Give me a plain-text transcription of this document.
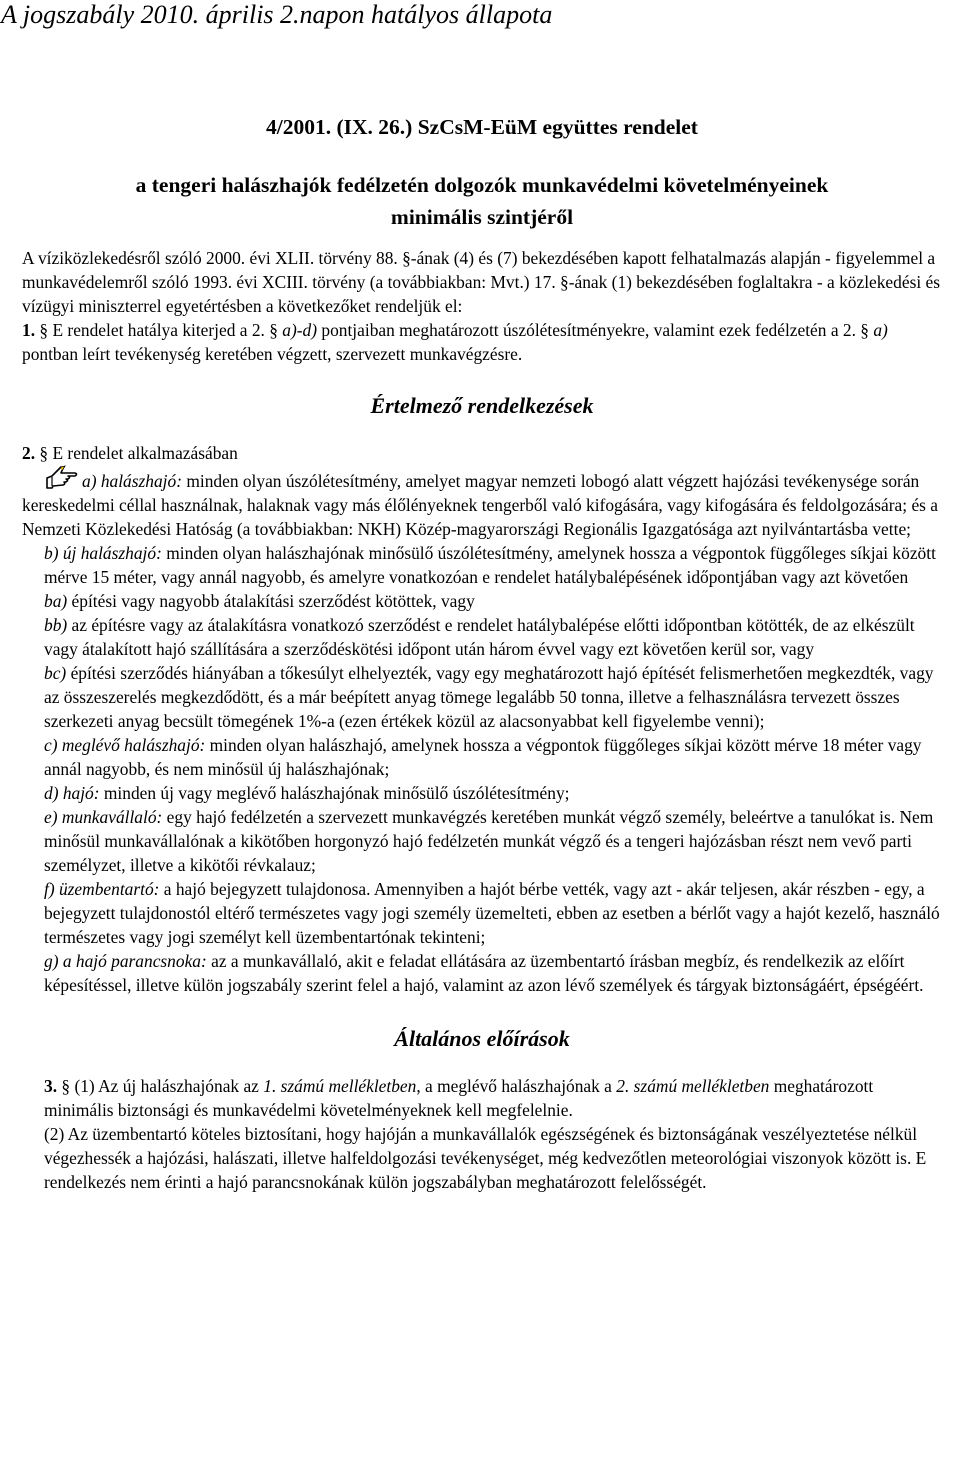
A jogszabály 2010. április 2.napon hatályos állapota
4/2001. (IX. 26.) SzCsM-EüM együttes rendelet
a tengeri halászhajók fedélzetén dolgozók munkavédelmi követelményeinek
minimális szintjéről

A víziközlekedésről szóló 2000. évi XLII. törvény 88. §-ának (4) és (7) bekezdésében kapott felhatalmazás alapján - figyelemmel a munkavédelemről szóló 1993. évi XCIII. törvény (a továbbiakban: Mvt.) 17. §-ának (1) bekezdésében foglaltakra - a közlekedési és vízügyi miniszterrel egyetértésben a következőket rendeljük el:

1. § E rendelet hatálya kiterjed a 2. § a)-d) pontjaiban meghatározott úszólétesítményekre, valamint ezek fedélzetén a 2. § a) pontban leírt tevékenység keretében végzett, szervezett munkavégzésre.

Értelmező rendelkezések

2. § E rendelet alkalmazásában

a) halászhajó: minden olyan úszólétesítmény, amelyet magyar nemzeti lobogó alatt végzett hajózási tevékenysége során kereskedelmi céllal használnak, halaknak vagy más élőlényeknek tengerből való kifogására, vagy kifogására és feldolgozására; és a Nemzeti Közlekedési Hatóság (a továbbiakban: NKH) Közép-magyarországi Regionális Igazgatósága azt nyilvántartásba vette;

b) új halászhajó: minden olyan halászhajónak minősülő úszólétesítmény, amelynek hossza a végpontok függőleges síkjai között mérve 15 méter, vagy annál nagyobb, és amelyre vonatkozóan e rendelet hatálybalépésének időpontjában vagy azt követően

ba) építési vagy nagyobb átalakítási szerződést kötöttek, vagy

bb) az építésre vagy az átalakításra vonatkozó szerződést e rendelet hatálybalépése előtti időpontban kötötték, de az elkészült vagy átalakított hajó szállítására a szerződéskötési időpont után három évvel vagy ezt követően kerül sor, vagy

bc) építési szerződés hiányában a tőkesúlyt elhelyezték, vagy egy meghatározott hajó építését felismerhetően megkezdték, vagy az összeszerelés megkezdődött, és a már beépített anyag tömege legalább 50 tonna, illetve a felhasználásra tervezett összes szerkezeti anyag becsült tömegének 1%-a (ezen értékek közül az alacsonyabbat kell figyelembe venni);

c) meglévő halászhajó: minden olyan halászhajó, amelynek hossza a végpontok függőleges síkjai között mérve 18 méter vagy annál nagyobb, és nem minősül új halászhajónak;

d) hajó: minden új vagy meglévő halászhajónak minősülő úszólétesítmény;

e) munkavállaló: egy hajó fedélzetén a szervezett munkavégzés keretében munkát végző személy, beleértve a tanulókat is. Nem minősül munkavállalónak a kikötőben horgonyzó hajó fedélzetén munkát végző és a tengeri hajózásban részt nem vevő parti személyzet, illetve a kikötői révkalauz;

f) üzembentartó: a hajó bejegyzett tulajdonosa. Amennyiben a hajót bérbe vették, vagy azt - akár teljesen, akár részben - egy, a bejegyzett tulajdonostól eltérő természetes vagy jogi személy üzemelteti, ebben az esetben a bérlőt vagy a hajót kezelő, használó természetes vagy jogi személyt kell üzembentartónak tekinteni;

g) a hajó parancsnoka: az a munkavállaló, akit e feladat ellátására az üzembentartó írásban megbíz, és rendelkezik az előírt képesítéssel, illetve külön jogszabály szerint felel a hajó, valamint az azon lévő személyek és tárgyak biztonságáért, épségéért.

Általános előírások

3. § (1) Az új halászhajónak az 1. számú mellékletben, a meglévő halászhajónak a 2. számú mellékletben meghatározott minimális biztonsági és munkavédelmi követelményeknek kell megfelelnie.

(2) Az üzembentartó köteles biztosítani, hogy hajóján a munkavállalók egészségének és biztonságának veszélyeztetése nélkül végezhessék a hajózási, halászati, illetve halfeldolgozási tevékenységet, még kedvezőtlen meteorológiai viszonyok között is. E rendelkezés nem érinti a hajó parancsnokának külön jogszabályban meghatározott felelősségét.
